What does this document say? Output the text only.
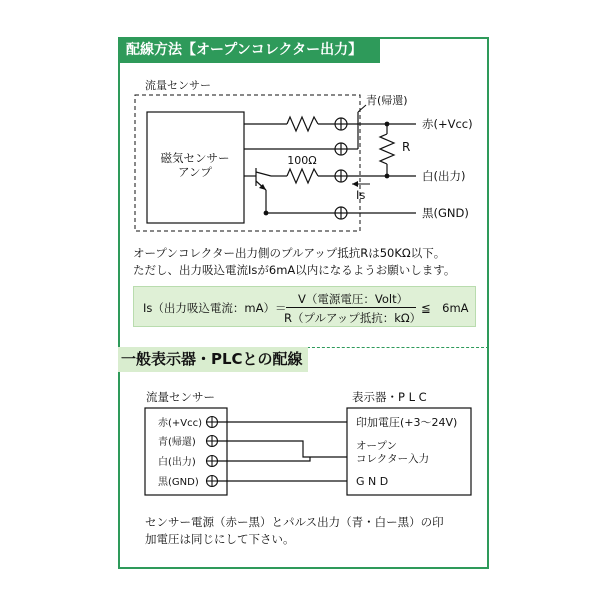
配線方法【オープンコレクター出力】
流量センサー
磁気センサー
アンプ
100Ω
青(帰還)
R
Is
赤(+Vcc)
白(出力)
黒(GND)
オープンコレクター出力側のプルアップ抵抗Rは50KΩ以下。
ただし、出力吸込電流Isが6mA以内になるようお願いします。
Is（出力吸込電流：mA）＝
V（電源電圧：Volt）
R（プルアップ抵抗：kΩ）
≦　6mA
一般表示器・PLCとの配線
流量センサー	表示器・P L C
赤(+Vcc)
青(帰還)
白(出力)
黒(GND)
印加電圧(+3～24V)
オープン
コレクター入力
G N D
センサー電源（赤ー黒）とパルス出力（青・白ー黒）の印
加電圧は同じにして下さい。
